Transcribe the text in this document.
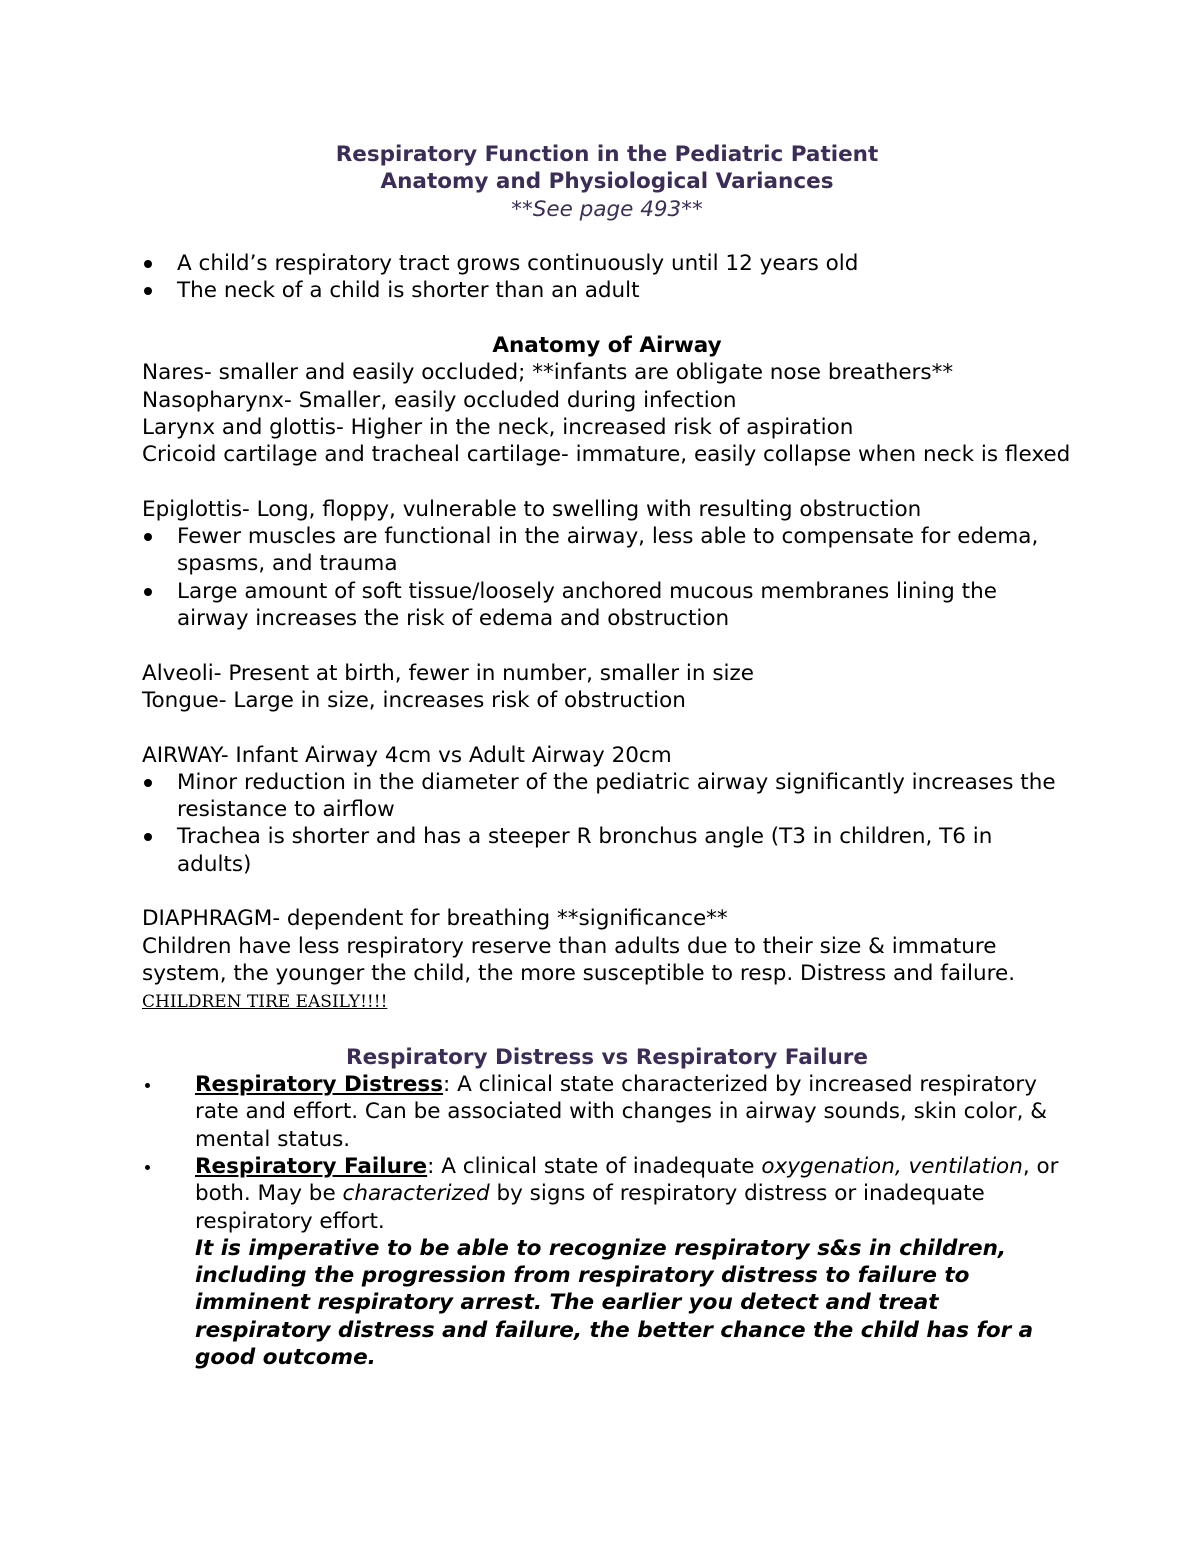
Respiratory Function in the Pediatric Patient
Anatomy and Physiological Variances
**See page 493**
A child’s respiratory tract grows continuously until 12 years old
The neck of a child is shorter than an adult
Anatomy of Airway
Nares- smaller and easily occluded; **infants are obligate nose breathers**
Nasopharynx- Smaller, easily occluded during infection
Larynx and glottis- Higher in the neck, increased risk of aspiration
Cricoid cartilage and tracheal cartilage- immature, easily collapse when neck is flexed
Epiglottis- Long, floppy, vulnerable to swelling with resulting obstruction
Fewer muscles are functional in the airway, less able to compensate for edema, spasms, and trauma
Large amount of soft tissue/loosely anchored mucous membranes lining the airway increases the risk of edema and obstruction
Alveoli- Present at birth, fewer in number, smaller in size
Tongue- Large in size, increases risk of obstruction
AIRWAY- Infant Airway 4cm vs Adult Airway 20cm
Minor reduction in the diameter of the pediatric airway significantly increases the resistance to airflow
Trachea is shorter and has a steeper R bronchus angle (T3 in children, T6 in adults)
DIAPHRAGM- dependent for breathing **significance**
Children have less respiratory reserve than adults due to their size & immature system, the younger the child, the more susceptible to resp. Distress and failure.  CHILDREN TIRE EASILY!!!!
Respiratory Distress vs Respiratory Failure
Respiratory Distress: A clinical state characterized by increased respiratory rate and effort. Can be associated with changes in airway sounds, skin color, & mental status.
Respiratory Failure: A clinical state of inadequate oxygenation, ventilation, or both. May be characterized by signs of respiratory distress or inadequate respiratory effort.
It is imperative to be able to recognize respiratory s&s in children, including the progression from respiratory distress to failure to imminent respiratory arrest. The earlier you detect and treat respiratory distress and failure, the better chance the child has for a good outcome.
